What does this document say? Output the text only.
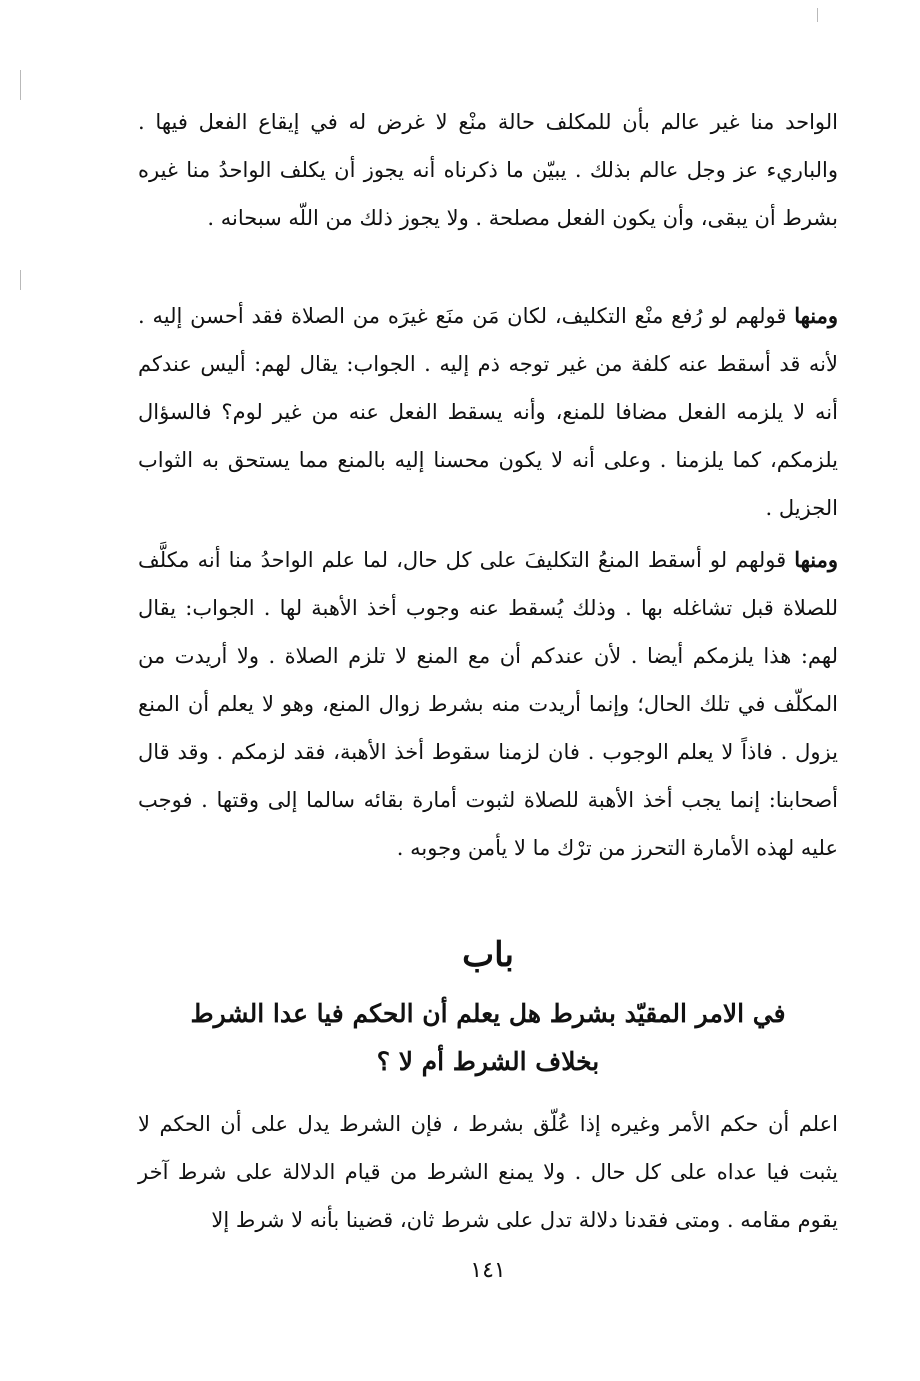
الواحد منا غير عالم بأن للمكلف حالة منْع لا غرض له في إيقاع الفعل فيها . والباريء عز وجل عالم بذلك . يبيّن ما ذكرناه أنه يجوز أن يكلف الواحدُ منا غيره بشرط أن يبقى، وأن يكون الفعل مصلحة . ولا يجوز ذلك من اللّه سبحانه .

ومنها قولهم لو رُفع منْع التكليف، لكان مَن منَع غيرَه من الصلاة فقد أحسن إليه . لأنه قد أسقط عنه كلفة من غير توجه ذم إليه . الجواب: يقال لهم: أليس عندكم أنه لا يلزمه الفعل مضافا للمنع، وأنه يسقط الفعل عنه من غير لوم؟ فالسؤال يلزمكم، كما يلزمنا . وعلى أنه لا يكون محسنا إليه بالمنع مما يستحق به الثواب الجزيل .

ومنها قولهم لو أسقط المنعُ التكليفَ على كل حال، لما علم الواحدُ منا أنه مكلَّف للصلاة قبل تشاغله بها . وذلك يُسقط عنه وجوب أخذ الأهبة لها . الجواب: يقال لهم: هذا يلزمكم أيضا . لأن عندكم أن مع المنع لا تلزم الصلاة . ولا أريدت من المكلّف في تلك الحال؛ وإنما أريدت منه بشرط زوال المنع، وهو لا يعلم أن المنع يزول . فاذاً لا يعلم الوجوب . فان لزمنا سقوط أخذ الأهبة، فقد لزمكم . وقد قال أصحابنا: إنما يجب أخذ الأهبة للصلاة لثبوت أمارة بقائه سالما إلى وقتها . فوجب عليه لهذه الأمارة التحرز من ترْك ما لا يأمن وجوبه .

باب
في الامر المقيّد بشرط هل يعلم أن الحكم فيا عدا الشرط
بخلاف الشرط أم لا ؟

اعلم أن حكم الأمر وغيره إذا عُلّق بشرط ، فإن الشرط يدل على أن الحكم لا يثبت فيا عداه على كل حال . ولا يمنع الشرط من قيام الدلالة على شرط آخر يقوم مقامه . ومتى فقدنا دلالة تدل على شرط ثان، قضينا بأنه لا شرط إلا

١٤١
